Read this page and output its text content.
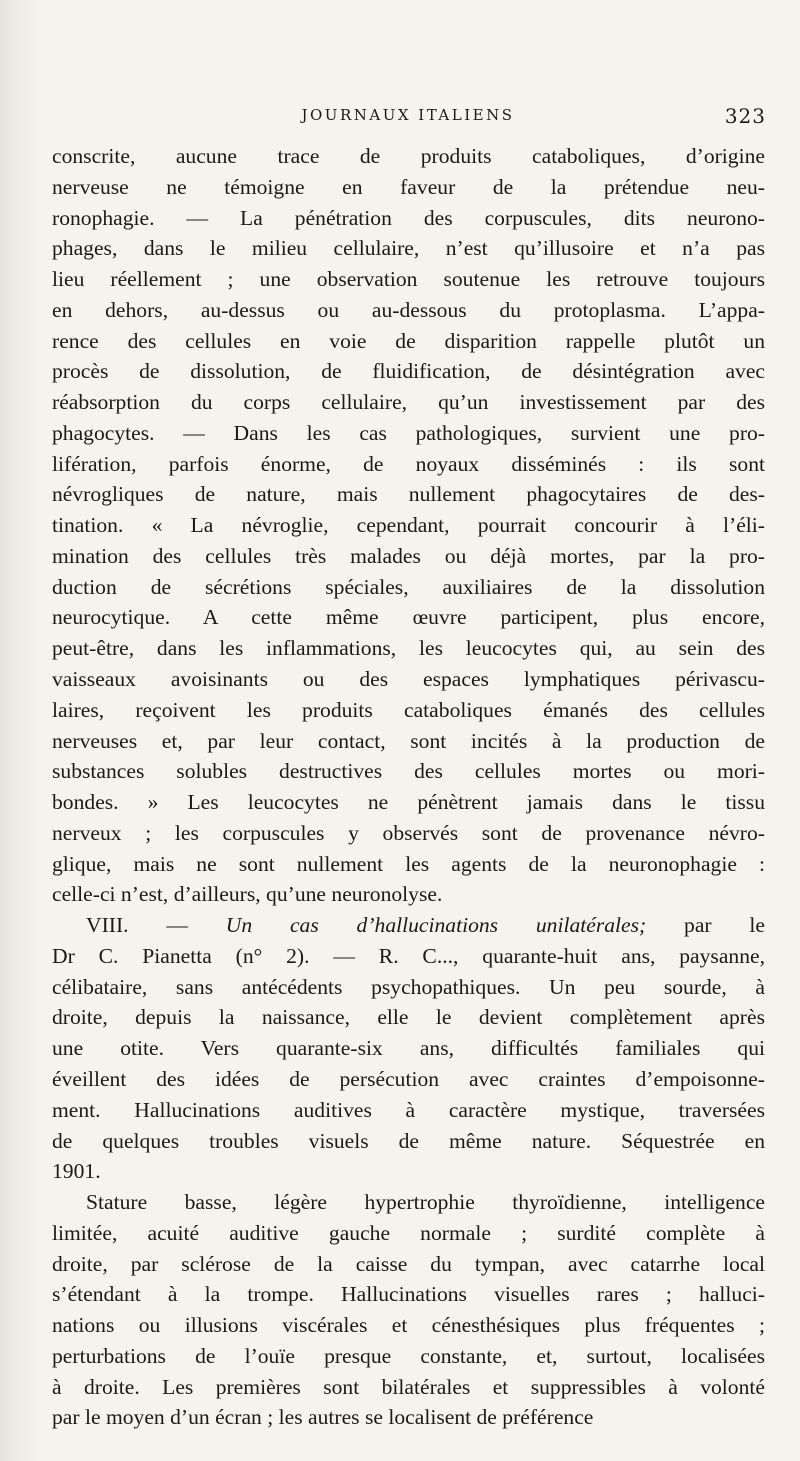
JOURNAUX ITALIENS	323
conscrite, aucune trace de produits cataboliques, d’origine
nerveuse ne témoigne en faveur de la prétendue neu-
ronophagie. — La pénétration des corpuscules, dits neurono-
phages, dans le milieu cellulaire, n’est qu’illusoire et n’a pas
lieu réellement ; une observation soutenue les retrouve toujours
en dehors, au-dessus ou au-dessous du protoplasma. L’appa-
rence des cellules en voie de disparition rappelle plutôt un
procès de dissolution, de fluidification, de désintégration avec
réabsorption du corps cellulaire, qu’un investissement par des
phagocytes. — Dans les cas pathologiques, survient une pro-
lifération, parfois énorme, de noyaux disséminés : ils sont
névrogliques de nature, mais nullement phagocytaires de des-
tination. « La névroglie, cependant, pourrait concourir à l’éli-
mination des cellules très malades ou déjà mortes, par la pro-
duction de sécrétions spéciales, auxiliaires de la dissolution
neurocytique. A cette même œuvre participent, plus encore,
peut-être, dans les inflammations, les leucocytes qui, au sein des
vaisseaux avoisinants ou des espaces lymphatiques périvascu-
laires, reçoivent les produits cataboliques émanés des cellules
nerveuses et, par leur contact, sont incités à la production de
substances solubles destructives des cellules mortes ou mori-
bondes. » Les leucocytes ne pénètrent jamais dans le tissu
nerveux ; les corpuscules y observés sont de provenance névro-
glique, mais ne sont nullement les agents de la neuronophagie :
celle-ci n’est, d’ailleurs, qu’une neuronolyse.
VIII. — Un cas d’hallucinations unilatérales; par le
Dr C. Pianetta (n° 2). — R. C..., quarante-huit ans, paysanne,
célibataire, sans antécédents psychopathiques. Un peu sourde, à
droite, depuis la naissance, elle le devient complètement après
une otite. Vers quarante-six ans, difficultés familiales qui
éveillent des idées de persécution avec craintes d’empoisonne-
ment. Hallucinations auditives à caractère mystique, traversées
de quelques troubles visuels de même nature. Séquestrée en
1901.
Stature basse, légère hypertrophie thyroïdienne, intelligence
limitée, acuité auditive gauche normale ; surdité complète à
droite, par sclérose de la caisse du tympan, avec catarrhe local
s’étendant à la trompe. Hallucinations visuelles rares ; halluci-
nations ou illusions viscérales et cénesthésiques plus fréquentes ;
perturbations de l’ouïe presque constante, et, surtout, localisées
à droite. Les premières sont bilatérales et suppressibles à volonté
par le moyen d’un écran ; les autres se localisent de préférence
